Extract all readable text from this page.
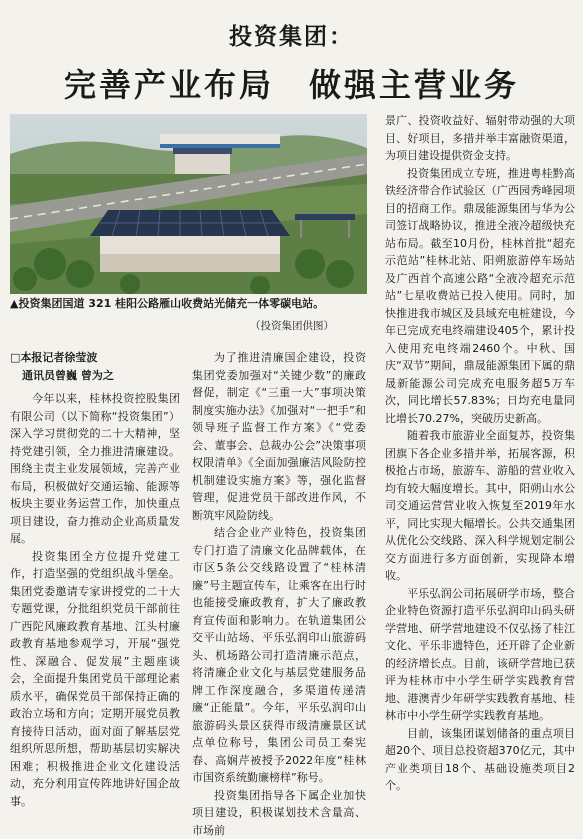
投资集团：
完善产业布局　做强主营业务
▲投资集团国道 321 桂阳公路雁山收费站光储充一体零碳电站。
（投资集团供图）

□本报记者徐莹波
通讯员曾巍 曾为之

今年以来，桂林投资控股集团有限公司（以下简称“投资集团”）深入学习贯彻党的二十大精神，坚持党建引领，全力推进清廉建设。围绕主责主业发展领域，完善产业布局，积极做好交通运输、能源等板块主要业务运营工作，加快重点项目建设，奋力推动企业高质量发展。

投资集团全方位提升党建工作，打造坚强的党组织战斗堡垒。集团党委邀请专家讲授党的二十大专题党课，分批组织党员干部前往广西陀风廉政教育基地、江头村廉政教育基地参观学习，开展“强党性、深融合、促发展”主题座谈会，全面提升集团党员干部理论素质水平，确保党员干部保持正确的政治立场和方向；定期开展党员教育接待日活动，面对面了解基层党组织所思所想，帮助基层切实解决困难；积极推进企业文化建设活动，充分利用宣传阵地讲好国企故事。

为了推进清廉国企建设，投资集团党委加强对“关键少数”的廉政督促，制定《“三重一大”事项决策制度实施办法》《加强对“一把手”和领导班子监督工作方案》《“党委会、董事会、总裁办公会”决策事项权限清单》《全面加强廉洁风险防控机制建设实施方案》等，强化监督管理，促进党员干部改进作风，不断筑牢风险防线。

结合企业产业特色，投资集团专门打造了清廉文化品牌载体，在市区5条公交线路设置了“桂林清廉”号主题宣传车，让乘客在出行时也能接受廉政教育，扩大了廉政教育宣传面和影响力。在轨道集团公交平山站场、平乐弘润印山旅游码头、机场路公司打造清廉示范点，将清廉企业文化与基层党建服务品牌工作深度融合，多渠道传递清廉“正能量”。今年，平乐弘润印山旅游码头景区获得市级清廉景区试点单位称号，集团公司员工秦宪春、高娴芹被授予2022年度“桂林市国资系统勤廉榜样”称号。

投资集团指导各下属企业加快项目建设，积极谋划技术含量高、市场前

景广、投资收益好、辐射带动强的大项目、好项目，多措并举丰富融资渠道，为项目建设提供资金支持。

投资集团成立专班，推进粤桂黔高铁经济带合作试验区（广西园秀峰园项目的招商工作。鼎晟能源集团与华为公司签订战略协议，推进全液冷超级快充站布局。截至10月份，桂林首批“超充示范站”桂林北站、阳朔旅游停车场站及广西首个高速公路“全液冷超充示范站”七星收费站已投入使用。同时，加快推进我市城区及县域充电桩建设，今年已完成充电终端建设405个，累计投入使用充电终端2460个。中秋、国庆“双节”期间，鼎晟能源集团下属的鼎晟新能源公司完成充电服务超5万车次，同比增长57.83%；日均充电量同比增长70.27%，突破历史新高。

随着我市旅游业全面复苏，投资集团旗下各企业多措并举，拓展客源，积极抢占市场，旅游车、游船的营业收入均有较大幅度增长。其中，阳朔山水公司交通运营营业收入恢复至2019年水平，同比实现大幅增长。公共交通集团从优化公交线路、深入科学规划定制公交方面进行多方面创新，实现降本增收。

平乐弘润公司拓展研学市场，整合企业特色资源打造平乐弘润印山码头研学营地、研学营地建设不仅弘扬了桂江文化、平乐非遗特色，还开辟了企业新的经济增长点。目前，该研学营地已获评为桂林市中小学生研学实践教育营地、港澳青少年研学实践教育基地、桂林市中小学生研学实践教育基地。

目前，该集团谋划储备的重点项目超20个、项目总投资超370亿元，其中产业类项目18个、基础设施类项目2个。
